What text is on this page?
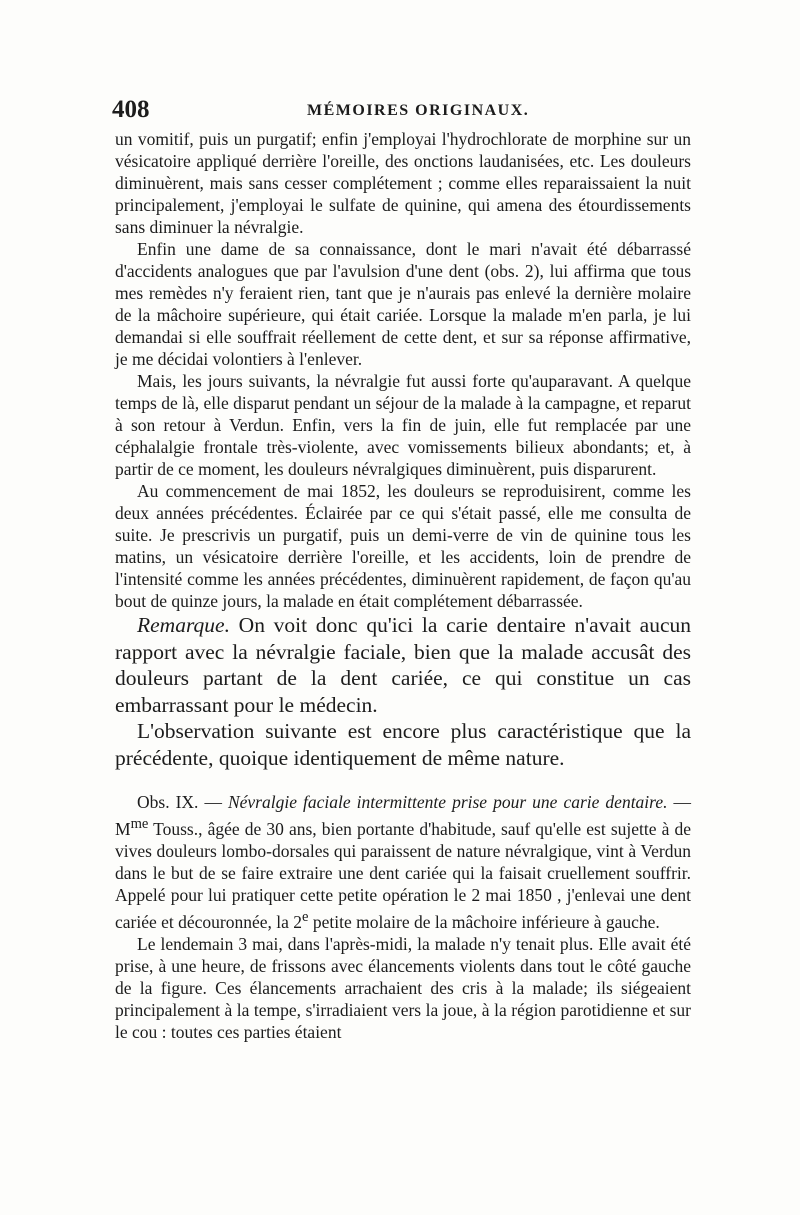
408	MÉMOIRES ORIGINAUX.

un vomitif, puis un purgatif; enfin j'employai l'hydrochlorate de morphine sur un vésicatoire appliqué derrière l'oreille, des onctions laudanisées, etc. Les douleurs diminuèrent, mais sans cesser complétement ; comme elles reparaissaient la nuit principalement, j'employai le sulfate de quinine, qui amena des étourdissements sans diminuer la névralgie.

Enfin une dame de sa connaissance, dont le mari n'avait été débarrassé d'accidents analogues que par l'avulsion d'une dent (obs. 2), lui affirma que tous mes remèdes n'y feraient rien, tant que je n'aurais pas enlevé la dernière molaire de la mâchoire supérieure, qui était cariée. Lorsque la malade m'en parla, je lui demandai si elle souffrait réellement de cette dent, et sur sa réponse affirmative, je me décidai volontiers à l'enlever.

Mais, les jours suivants, la névralgie fut aussi forte qu'auparavant. A quelque temps de là, elle disparut pendant un séjour de la malade à la campagne, et reparut à son retour à Verdun. Enfin, vers la fin de juin, elle fut remplacée par une céphalalgie frontale très-violente, avec vomissements bilieux abondants; et, à partir de ce moment, les douleurs névralgiques diminuèrent, puis disparurent.

Au commencement de mai 1852, les douleurs se reproduisirent, comme les deux années précédentes. Éclairée par ce qui s'était passé, elle me consulta de suite. Je prescrivis un purgatif, puis un demi-verre de vin de quinine tous les matins, un vésicatoire derrière l'oreille, et les accidents, loin de prendre de l'intensité comme les années précédentes, diminuèrent rapidement, de façon qu'au bout de quinze jours, la malade en était complétement débarrassée.

Remarque. On voit donc qu'ici la carie dentaire n'avait aucun rapport avec la névralgie faciale, bien que la malade accusât des douleurs partant de la dent cariée, ce qui constitue un cas embarrassant pour le médecin.

L'observation suivante est encore plus caractéristique que la précédente, quoique identiquement de même nature.

Obs. IX. — Névralgie faciale intermittente prise pour une carie dentaire. — $M^{me}$ Touss., âgée de 30 ans, bien portante d'habitude, sauf qu'elle est sujette à de vives douleurs lombo-dorsales qui paraissent de nature névralgique, vint à Verdun dans le but de se faire extraire une dent cariée qui la faisait cruellement souffrir. Appelé pour lui pratiquer cette petite opération le 2 mai 1850 , j'enlevai une dent cariée et découronnée, la 2e petite molaire de la mâchoire inférieure à gauche.

Le lendemain 3 mai, dans l'après-midi, la malade n'y tenait plus. Elle avait été prise, à une heure, de frissons avec élancements violents dans tout le côté gauche de la figure. Ces élancements arrachaient des cris à la malade; ils siégeaient principalement à la tempe, s'irradiaient vers la joue, à la région parotidienne et sur le cou : toutes ces parties étaient
